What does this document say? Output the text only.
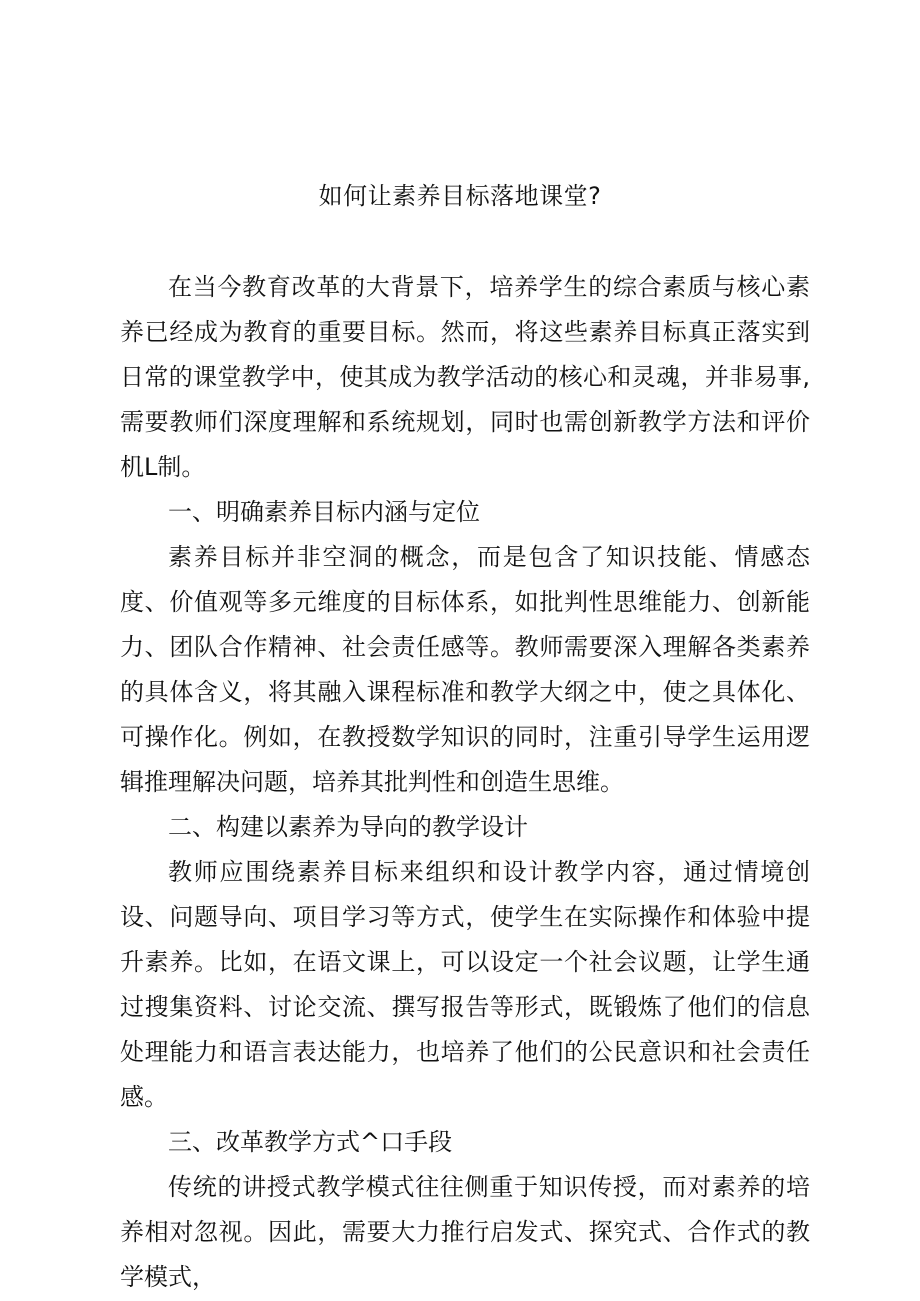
如何让素养目标落地课堂?

在当今教育改革的大背景下，培养学生的综合素质与核心素养已经成为教育的重要目标。然而，将这些素养目标真正落实到日常的课堂教学中，使其成为教学活动的核心和灵魂，并非易事,需要教师们深度理解和系统规划，同时也需创新教学方法和评价机L制。

一、明确素养目标内涵与定位

素养目标并非空洞的概念，而是包含了知识技能、情感态度、价值观等多元维度的目标体系，如批判性思维能力、创新能力、团队合作精神、社会责任感等。教师需要深入理解各类素养的具体含义，将其融入课程标准和教学大纲之中，使之具体化、可操作化。例如，在教授数学知识的同时，注重引导学生运用逻辑推理解决问题，培养其批判性和创造生思维。

二、构建以素养为导向的教学设计

教师应围绕素养目标来组织和设计教学内容，通过情境创设、问题导向、项目学习等方式，使学生在实际操作和体验中提升素养。比如，在语文课上，可以设定一个社会议题，让学生通过搜集资料、讨论交流、撰写报告等形式，既锻炼了他们的信息处理能力和语言表达能力，也培养了他们的公民意识和社会责任感。

三、改革教学方式^口手段

传统的讲授式教学模式往往侧重于知识传授，而对素养的培养相对忽视。因此，需要大力推行启发式、探究式、合作式的教学模式，
